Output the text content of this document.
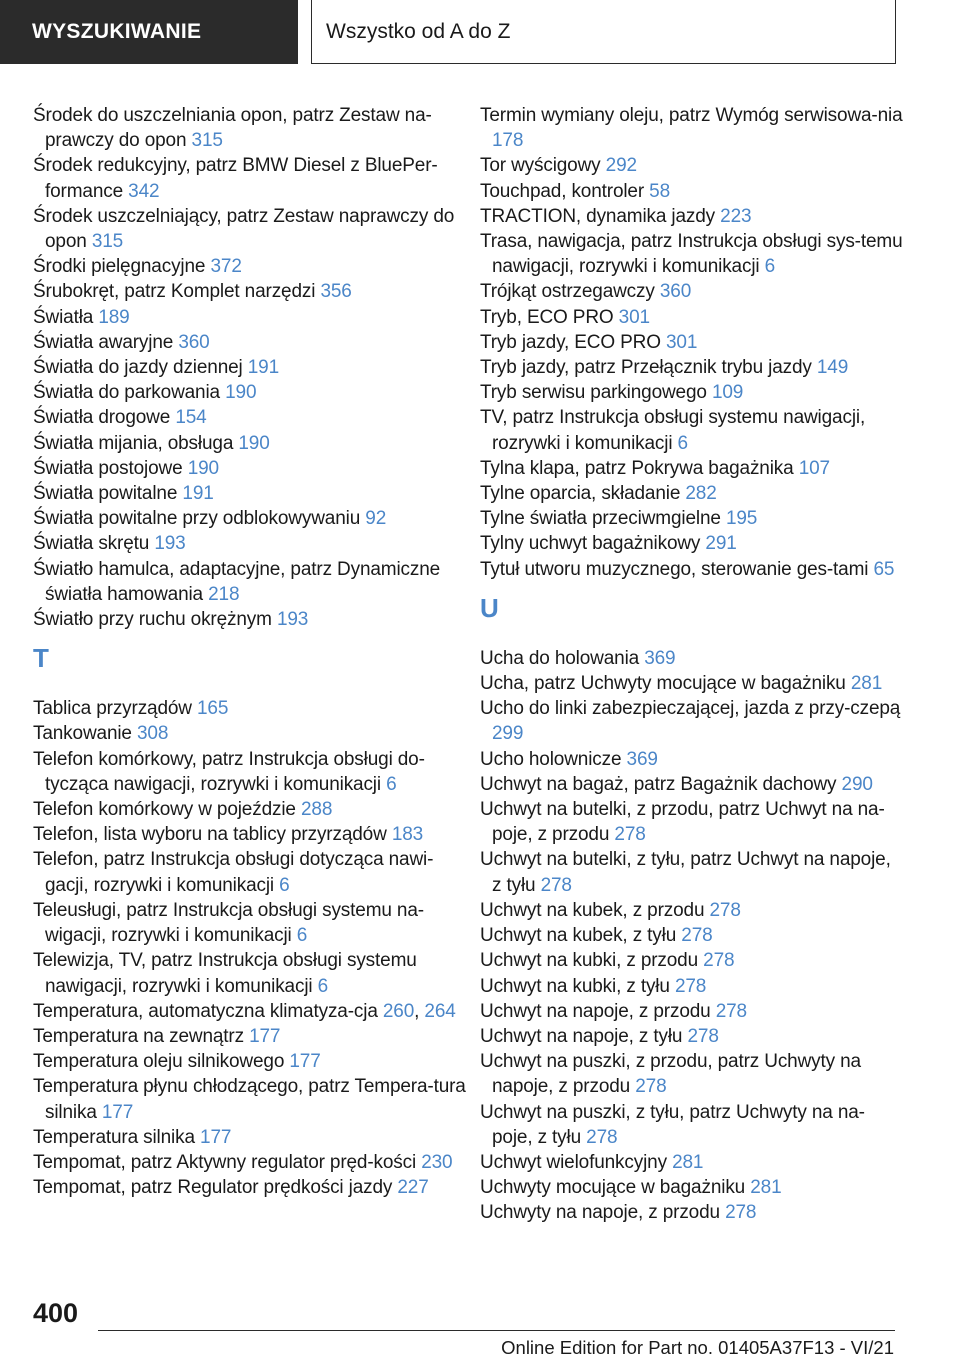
WYSZUKIWANIE	Wszystko od A do Z
Środek do uszczelniania opon, patrz Zestaw na-prawczy do opon 315
Środek redukcyjny, patrz BMW Diesel z BluePer-formance 342
Środek uszczelniający, patrz Zestaw naprawczy do opon 315
Środki pielęgnacyjne 372
Śrubokręt, patrz Komplet narzędzi 356
Światła 189
Światła awaryjne 360
Światła do jazdy dziennej 191
Światła do parkowania 190
Światła drogowe 154
Światła mijania, obsługa 190
Światła postojowe 190
Światła powitalne 191
Światła powitalne przy odblokowywaniu 92
Światła skrętu 193
Światło hamulca, adaptacyjne, patrz Dynamiczne światła hamowania 218
Światło przy ruchu okrężnym 193
T
Tablica przyrządów 165
Tankowanie 308
Telefon komórkowy, patrz Instrukcja obsługi do-tycząca nawigacji, rozrywki i komunikacji 6
Telefon komórkowy w pojeździe 288
Telefon, lista wyboru na tablicy przyrządów 183
Telefon, patrz Instrukcja obsługi dotycząca nawi-gacji, rozrywki i komunikacji 6
Teleusługi, patrz Instrukcja obsługi systemu na-wigacji, rozrywki i komunikacji 6
Telewizja, TV, patrz Instrukcja obsługi systemu nawigacji, rozrywki i komunikacji 6
Temperatura, automatyczna klimatyza-cja 260, 264
Temperatura na zewnątrz 177
Temperatura oleju silnikowego 177
Temperatura płynu chłodzącego, patrz Tempera-tura silnika 177
Temperatura silnika 177
Tempomat, patrz Aktywny regulator pręd-kości 230
Tempomat, patrz Regulator prędkości jazdy 227
Termin wymiany oleju, patrz Wymóg serwisowa-nia 178
Tor wyścigowy 292
Touchpad, kontroler 58
TRACTION, dynamika jazdy 223
Trasa, nawigacja, patrz Instrukcja obsługi sys-temu nawigacji, rozrywki i komunikacji 6
Trójkąt ostrzegawczy 360
Tryb, ECO PRO 301
Tryb jazdy, ECO PRO 301
Tryb jazdy, patrz Przełącznik trybu jazdy 149
Tryb serwisu parkingowego 109
TV, patrz Instrukcja obsługi systemu nawigacji, rozrywki i komunikacji 6
Tylna klapa, patrz Pokrywa bagażnika 107
Tylne oparcia, składanie 282
Tylne światła przeciwmgielne 195
Tylny uchwyt bagażnikowy 291
Tytuł utworu muzycznego, sterowanie ges-tami 65
U
Ucha do holowania 369
Ucha, patrz Uchwyty mocujące w bagażniku 281
Ucho do linki zabezpieczającej, jazda z przy-czepą 299
Ucho holownicze 369
Uchwyt na bagaż, patrz Bagażnik dachowy 290
Uchwyt na butelki, z przodu, patrz Uchwyt na na-poje, z przodu 278
Uchwyt na butelki, z tyłu, patrz Uchwyt na napoje, z tyłu 278
Uchwyt na kubek, z przodu 278
Uchwyt na kubek, z tyłu 278
Uchwyt na kubki, z przodu 278
Uchwyt na kubki, z tyłu 278
Uchwyt na napoje, z przodu 278
Uchwyt na napoje, z tyłu 278
Uchwyt na puszki, z przodu, patrz Uchwyty na napoje, z przodu 278
Uchwyt na puszki, z tyłu, patrz Uchwyty na na-poje, z tyłu 278
Uchwyt wielofunkcyjny 281
Uchwyty mocujące w bagażniku 281
Uchwyty na napoje, z przodu 278
400
Online Edition for Part no. 01405A37F13 - VI/21
